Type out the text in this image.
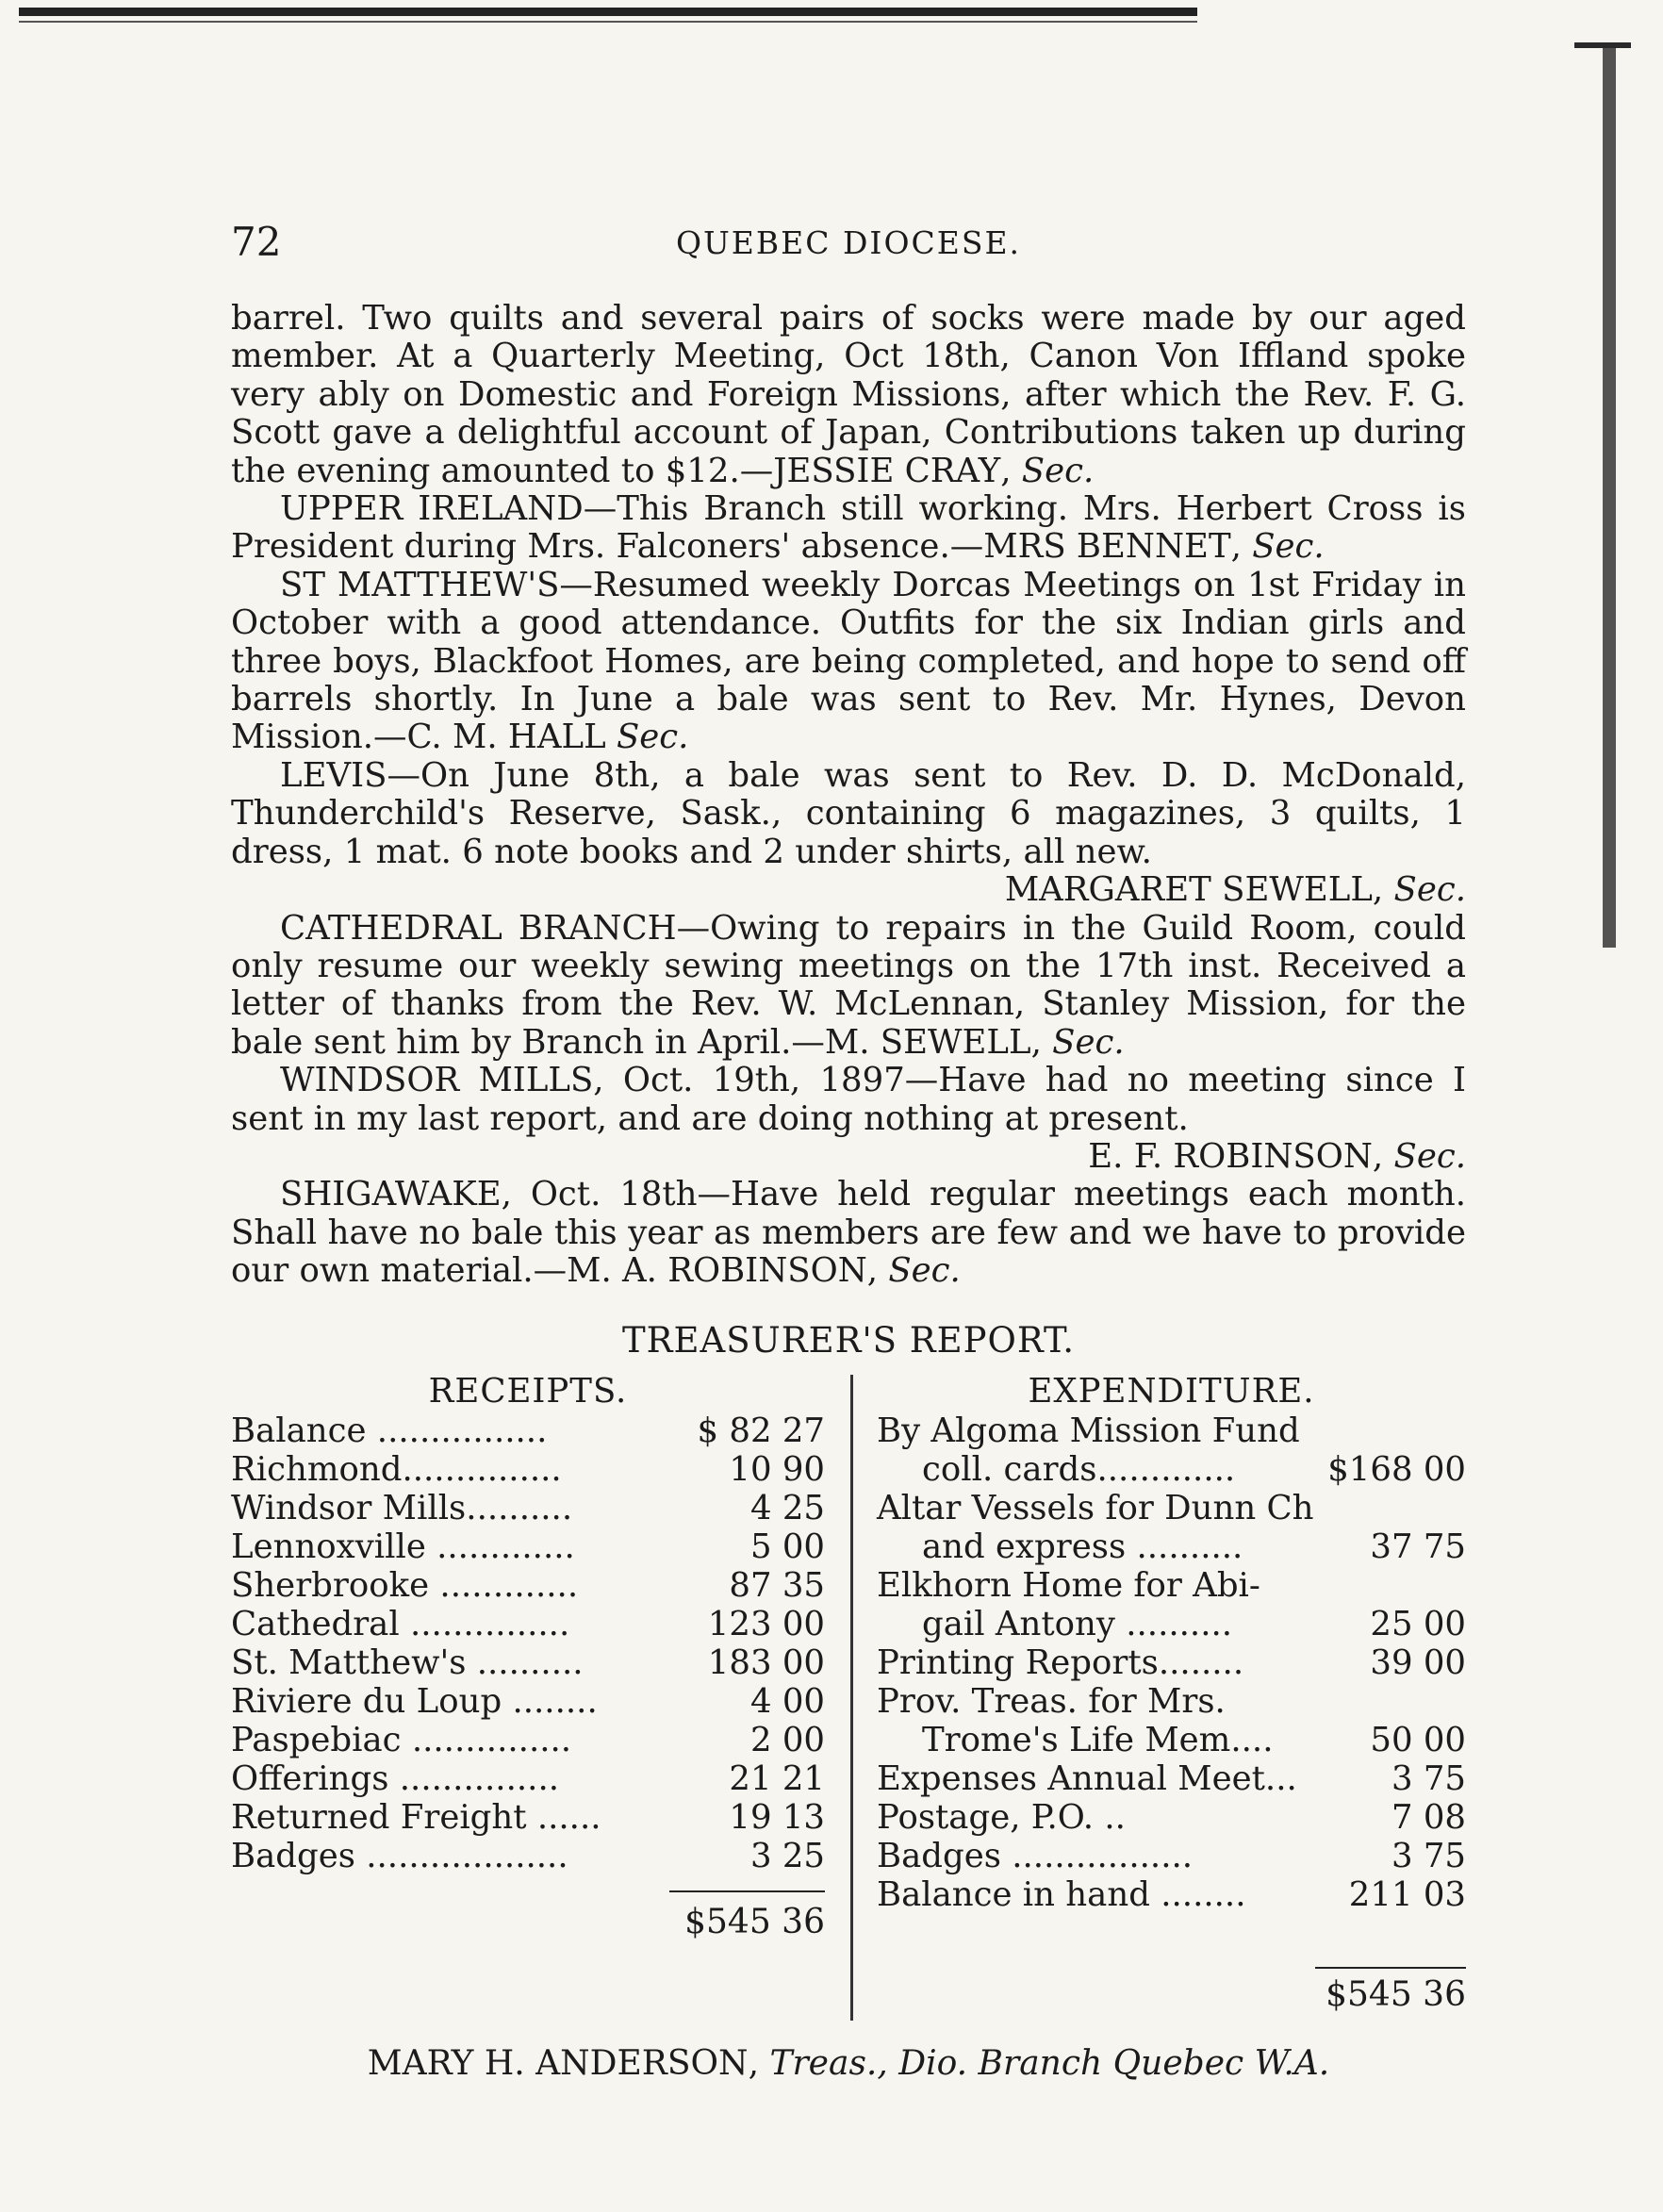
72	QUEBEC DIOCESE.

barrel. Two quilts and several pairs of socks were made by our aged member. At a Quarterly Meeting, Oct 18th, Canon Von Iffland spoke very ably on Domestic and Foreign Missions, after which the Rev. F. G. Scott gave a delightful account of Japan, Contributions taken up during the evening amounted to $12.—JESSIE CRAY, Sec.

UPPER IRELAND—This Branch still working. Mrs. Herbert Cross is President during Mrs. Falconers' absence.—MRS BENNET, Sec.

ST MATTHEW'S—Resumed weekly Dorcas Meetings on 1st Friday in October with a good attendance. Outfits for the six Indian girls and three boys, Blackfoot Homes, are being completed, and hope to send off barrels shortly. In June a bale was sent to Rev. Mr. Hynes, Devon Mission.—C. M. HALL Sec.

LEVIS—On June 8th, a bale was sent to Rev. D. D. McDonald, Thunderchild's Reserve, Sask., containing 6 magazines, 3 quilts, 1 dress, 1 mat. 6 note books and 2 under shirts, all new.

MARGARET SEWELL, Sec.

CATHEDRAL BRANCH—Owing to repairs in the Guild Room, could only resume our weekly sewing meetings on the 17th inst. Received a letter of thanks from the Rev. W. McLennan, Stanley Mission, for the bale sent him by Branch in April.—M. SEWELL, Sec.

WINDSOR MILLS, Oct. 19th, 1897—Have had no meeting since I sent in my last report, and are doing nothing at present.

E. F. ROBINSON, Sec.

SHIGAWAKE, Oct. 18th—Have held regular meetings each month. Shall have no bale this year as members are few and we have to provide our own material.—M. A. ROBINSON, Sec.

TREASURER'S REPORT.
RECEIPTS.
Balance ................	$ 82 27
Richmond...............	10 90
Windsor Mills..........	4 25
Lennoxville .............	5 00
Sherbrooke .............	87 35
Cathedral ...............	123 00
St. Matthew's ..........	183 00
Riviere du Loup ........	4 00
Paspebiac ...............	2 00
Offerings ...............	21 21
Returned Freight ......	19 13
Badges ...................	3 25
EXPENDITURE.
By Algoma Mission Fund
coll. cards.............	$168 00
Altar Vessels for Dunn Ch
and express ..........	37 75
Elkhorn Home for Abi-
gail Antony ..........	25 00
Printing Reports........	39 00
Prov. Treas. for Mrs.
Trome's Life Mem....	50 00
Expenses Annual Meet...	3 75
Postage, P.O. ..	7 08
Badges .................	3 75
Balance in hand ........	211 03
$545 36
$545 36
MARY H. ANDERSON, Treas., Dio. Branch Quebec W.A.
